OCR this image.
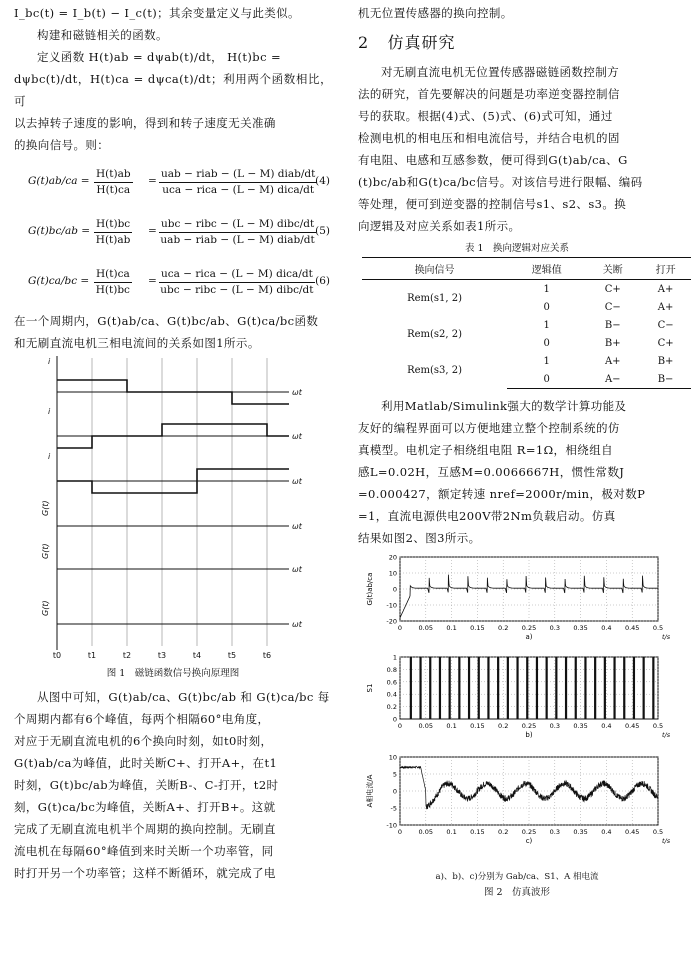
I_bc(t) = I_b(t) − I_c(t)；其余变量定义与此类似。

构建和磁链相关的函数。

定义函数 H(t)ab = dψab(t)/dt， H(t)bc =

dψbc(t)/dt，H(t)ca = dψca(t)/dt；利用两个函数相比，可

以去掉转子速度的影响，得到和转子速度无关准确

的换向信号。则：

$G(t)ab/ca = \frac{H(t)ab}{H(t)ca}$ =
uab − riab − (L − M) diab/dt
uca − rica − (L − M) dica/dt
(4)
$G(t)bc/ab = \frac{H(t)bc}{H(t)ab}$ =
ubc − ribc − (L − M) dibc/dt
uab − riab − (L − M) diab/dt
(5)
$G(t)ca/bc = \frac{H(t)ca}{H(t)bc}$ =
uca − rica − (L − M) dica/dt
ubc − ribc − (L − M) dibc/dt
(6)

在一个周期内，G(t)ab/ca、G(t)bc/ab、G(t)ca/bc函数

和无刷直流电机三相电流间的关系如图1所示。

i
i
i
G(t)
G(t)
G(t)
ωt
ωt
ωt
ωt
ωt
ωt
t0	t1	t2	t3	t4	t5	t6
图 1　磁链函数信号换向原理图

从图中可知，G(t)ab/ca、G(t)bc/ab 和 G(t)ca/bc 每

个周期内都有6个峰值，每两个相隔60°电角度，

对应于无刷直流电机的6个换向时刻，如t0时刻，

G(t)ab/ca为峰值，此时关断C+、打开A+，在t1

时刻，G(t)bc/ab为峰值，关断B-、C-打开，t2时

刻，G(t)ca/bc为峰值，关断A+、打开B+。这就

完成了无刷直流电机半个周期的换向控制。无刷直

流电机在每隔60°峰值到来时关断一个功率管，同

时打开另一个功率管；这样不断循环，就完成了电

机无位置传感器的换向控制。

2 仿真研究

对无刷直流电机无位置传感器磁链函数控制方

法的研究，首先要解决的问题是功率逆变器控制信

号的获取。根据(4)式、(5)式、(6)式可知，通过

检测电机的相电压和相电流信号，并结合电机的固

有电阻、电感和互感参数，便可得到G(t)ab/ca、G

(t)bc/ab和G(t)ca/bc信号。对该信号进行限幅、编码

等处理，便可到逆变器的控制信号s1、s2、s3。换

向逻辑及对应关系如表1所示。

表 1　换向逻辑对应关系
换向信号	逻辑值	关断	打开
Rem(s1, 2)	1	C+	A+
	0	C−	A+
Rem(s2, 2)	1	B−	C−
	0	B+	C+
Rem(s3, 2)	1	A+	B+
	0	A−	B−

利用Matlab/Simulink强大的数学计算功能及

友好的编程界面可以方便地建立整个控制系统的仿

真模型。电机定子相绕组电阻 R=1Ω，相绕组自

感L=0.02H，互感M=0.0066667H，惯性常数J

=0.000427，额定转速 nref=2000r/min，极对数P

=1，直流电源供电200V带2Nm负载启动。仿真

结果如图2、图3所示。

20
10
0
-10
-20
0	0.05 0.1 0.15 0.2 0.25 0.3 0.35 0.4 0.45 0.5
G(t)ab/ca
a)	t/s
1
0.8
0.6
0.4
0.2
0
0	0.05 0.1 0.15 0.2 0.25 0.3 0.35 0.4 0.45 0.5
S1
b)	t/s
10
5
0
-5
-10
0	0.05 0.1 0.15 0.2 0.25 0.3 0.35 0.4 0.45 0.5
A相电流/A
c)	t/s
a)、b)、c)分别为 Gab/ca、S1、A 相电流
图 2　仿真波形
